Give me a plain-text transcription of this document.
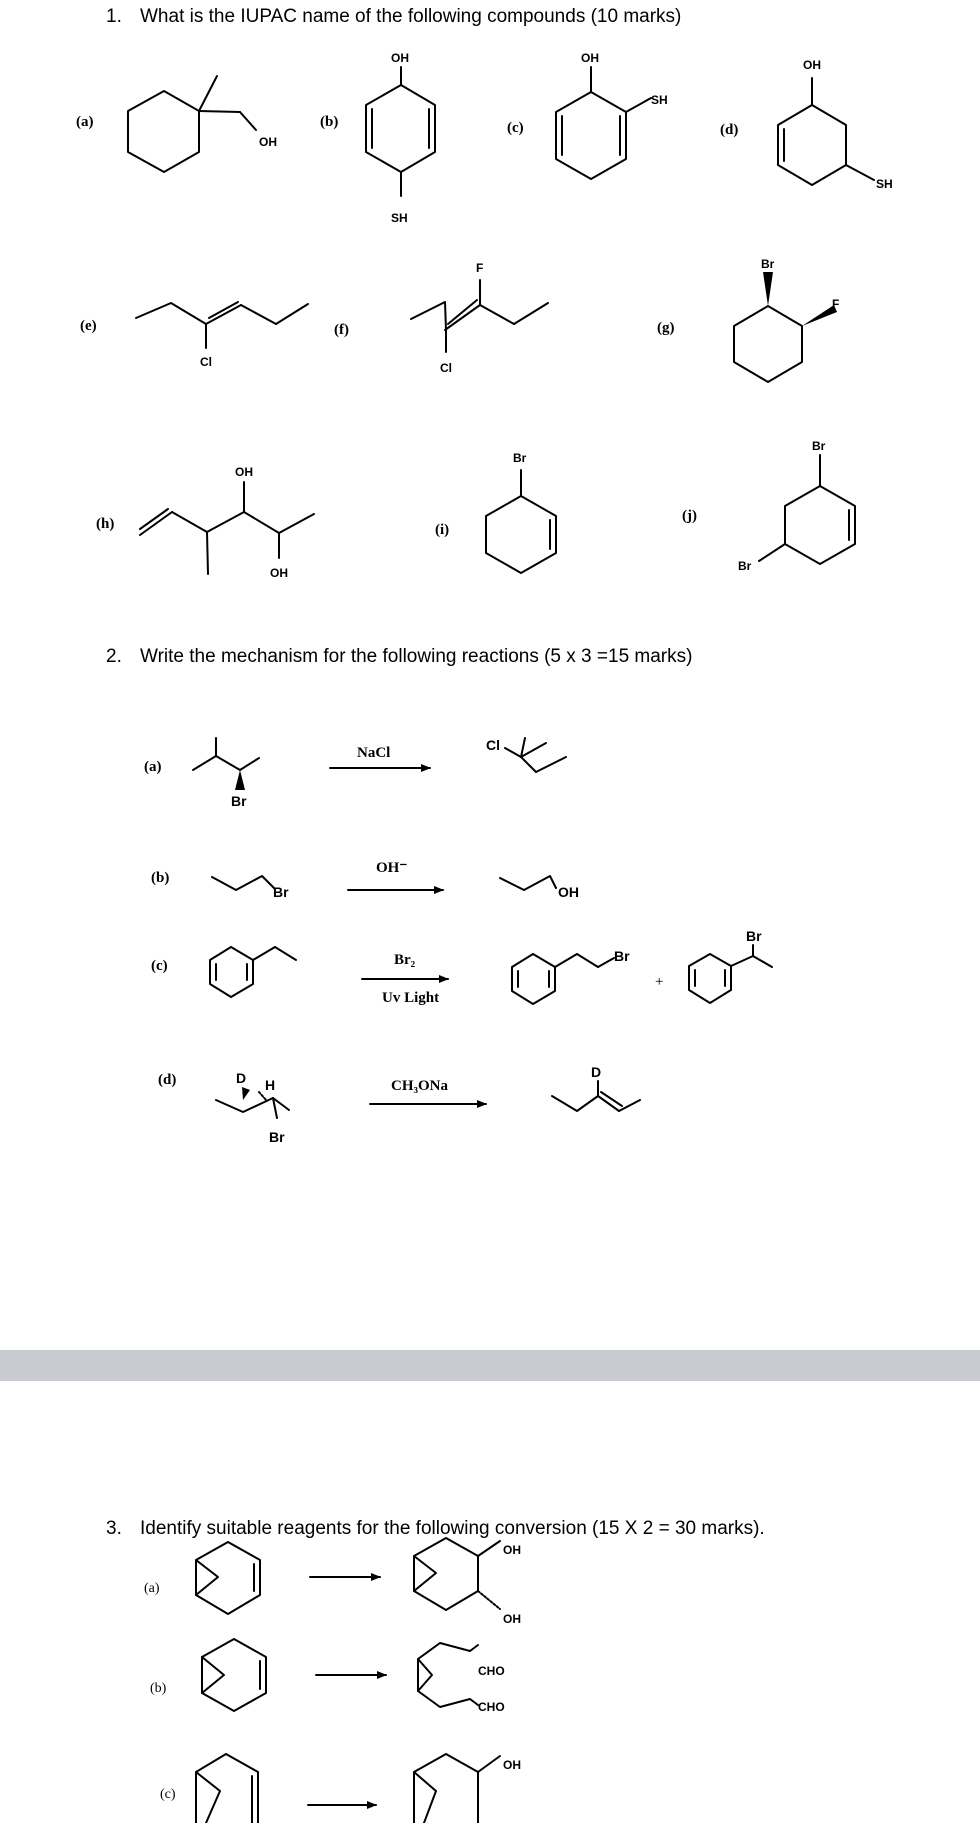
1. What is the IUPAC name of the following compounds (10 marks)
(a)	(b)	(c)	(d)
(e)	(f)	(g)
(h)	(i)
(j)
2. Write the mechanism for the following reactions (5 x 3 =15 marks)
(a)
(b)
(c)
(d)
NaCl
OH⁻
Br₂
Uv Light
CH₃ONa
+
OH
OH
SH
OH
SH
OH
SH
Cl
F
Cl
Br
F
OH
OH
Br
Br
Br
Br
Cl
Br	OH
Br
Br
D H
Br
D
3. Identify suitable reagents for the following conversion (15 X 2 = 30 marks).
(a)
(b)
(c)
OH
OH
CHO
CHO
OH
